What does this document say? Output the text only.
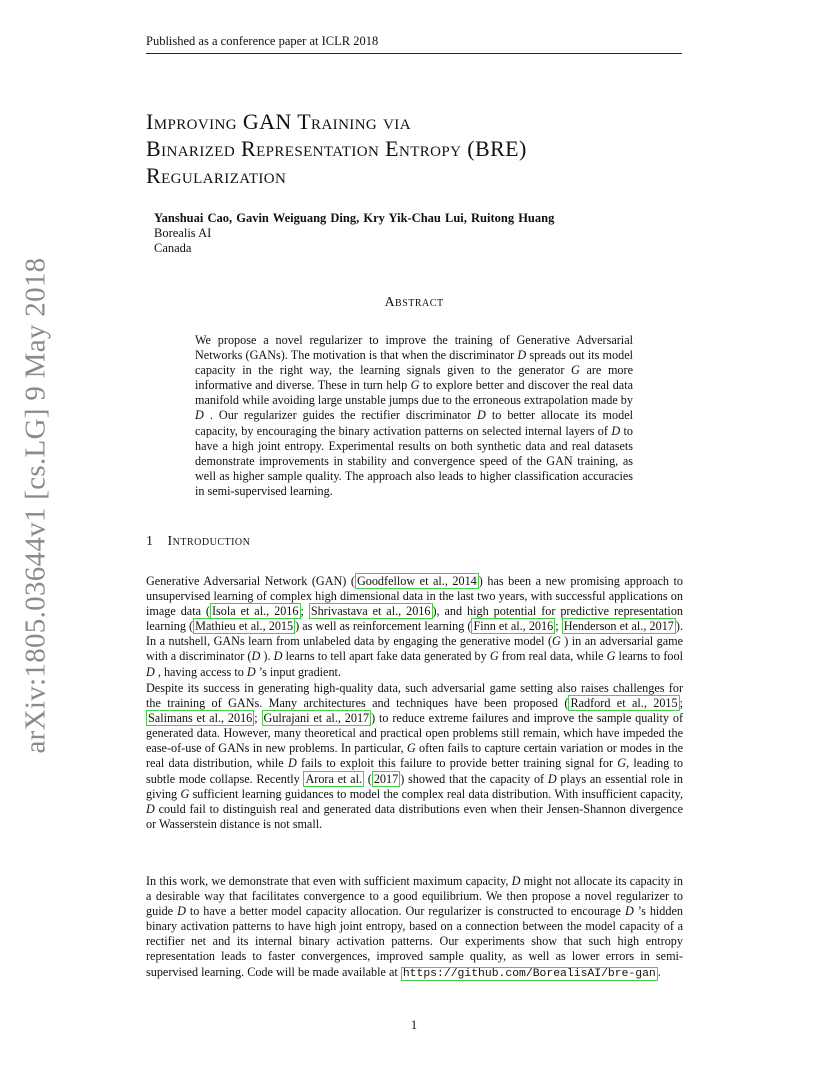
Published as a conference paper at ICLR 2018
arXiv:1805.03644v1 [cs.LG] 9 May 2018
Improving GAN Training via
Binarized Representation Entropy (BRE)
Regularization
Yanshuai Cao, Gavin Weiguang Ding, Kry Yik-Chau Lui, Ruitong Huang
Borealis AI
Canada
Abstract
We propose a novel regularizer to improve the training of Generative Adversarial Networks (GANs). The motivation is that when the discriminator D spreads out its model capacity in the right way, the learning signals given to the generator G are more informative and diverse. These in turn help G to explore better and discover the real data manifold while avoiding large unstable jumps due to the erroneous extrapolation made by D . Our regularizer guides the rectifier discriminator D to better allocate its model capacity, by encouraging the binary activation patterns on selected internal layers of D to have a high joint entropy. Experimental results on both synthetic data and real datasets demonstrate improvements in stability and convergence speed of the GAN training, as well as higher sample quality. The approach also leads to higher classification accuracies in semi-supervised learning.
1 Introduction
Generative Adversarial Network (GAN) ( Goodfellow et al., 2014 ) has been a new promising approach to unsupervised learning of complex high dimensional data in the last two years, with successful applications on image data ( Isola et al., 2016 ; Shrivastava et al., 2016 ), and high potential for predictive representation learning ( Mathieu et al., 2015 ) as well as reinforcement learning ( Finn et al., 2016 ; Henderson et al., 2017 ). In a nutshell, GANs learn from unlabeled data by engaging the generative model (G ) in an adversarial game with a discriminator (D ). D learns to tell apart fake data generated by G from real data, while G learns to fool D , having access to D ’s input gradient.
Despite its success in generating high-quality data, such adversarial game setting also raises challenges for the training of GANs. Many architectures and techniques have been proposed ( Radford et al., 2015 ; Salimans et al., 2016 ; Gulrajani et al., 2017 ) to reduce extreme failures and improve the sample quality of generated data. However, many theoretical and practical open problems still remain, which have impeded the ease-of-use of GANs in new problems. In particular, G often fails to capture certain variation or modes in the real data distribution, while D fails to exploit this failure to provide better training signal for G, leading to subtle mode collapse. Recently Arora et al. ( 2017 ) showed that the capacity of D plays an essential role in giving G sufficient learning guidances to model the complex real data distribution. With insufficient capacity, D could fail to distinguish real and generated data distributions even when their Jensen-Shannon divergence or Wasserstein distance is not small.
In this work, we demonstrate that even with sufficient maximum capacity, D might not allocate its capacity in a desirable way that facilitates convergence to a good equilibrium. We then propose a novel regularizer to guide D to have a better model capacity allocation. Our regularizer is constructed to encourage D ’s hidden binary activation patterns to have high joint entropy, based on a connection between the model capacity of a rectifier net and its internal binary activation patterns. Our experiments show that such high entropy representation leads to faster convergences, improved sample quality, as well as lower errors in semi-supervised learning. Code will be made available at https://github.com/BorealisAI/bre-gan .
1
